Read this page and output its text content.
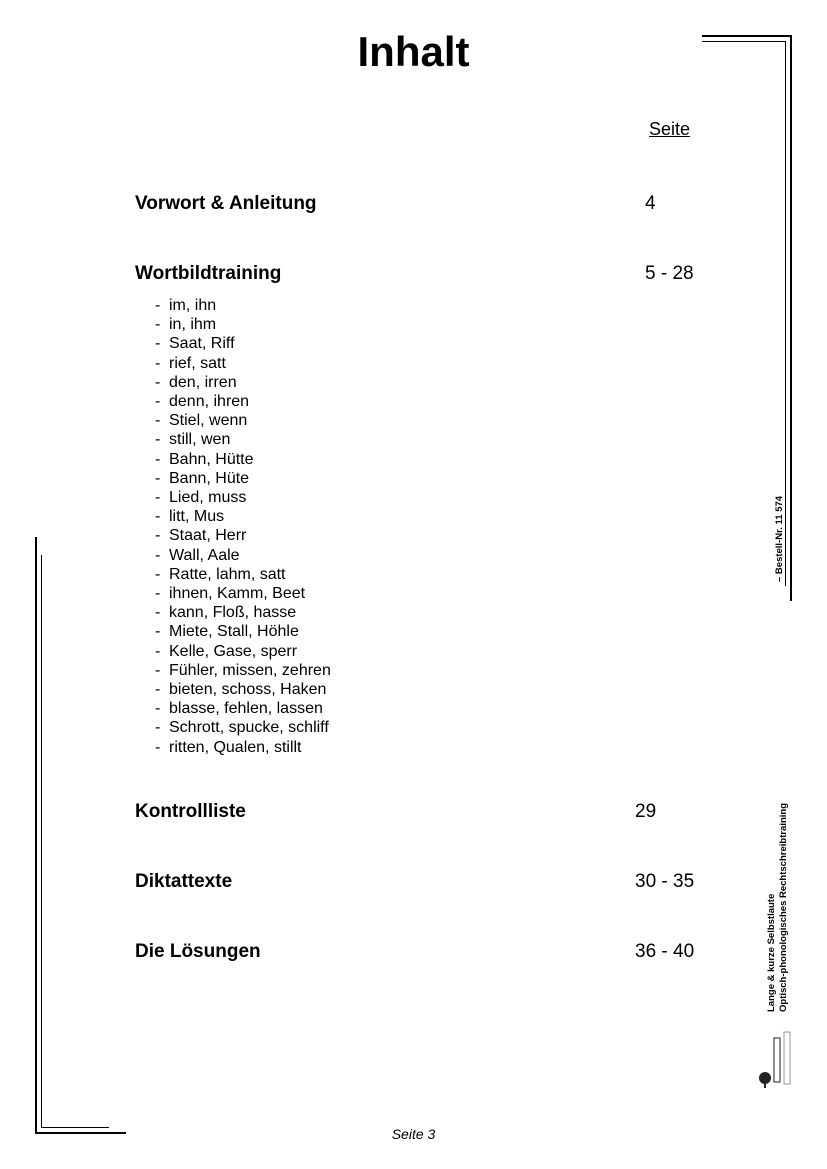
Inhalt
Seite
Vorwort & Anleitung	4
Wortbildtraining	5 - 28
- im, ihn
- in, ihm
- Saat, Riff
- rief, satt
- den, irren
- denn, ihren
- Stiel, wenn
- still, wen
- Bahn, Hütte
- Bann, Hüte
- Lied, muss
- litt, Mus
- Staat, Herr
- Wall, Aale
- Ratte, lahm, satt
- ihnen, Kamm, Beet
- kann, Floß, hasse
- Miete, Stall, Höhle
- Kelle, Gase, sperr
- Fühler, missen, zehren
- bieten, schoss, Haken
- blasse, fehlen, lassen
- Schrott, spucke, schliff
- ritten, Qualen, stillt
Kontrollliste	29
Diktattexte	30 - 35
Die Lösungen	36 - 40	Lange & kurze Selbstlaute Optisch-phonologisches Rechtschreibtraining
– Bestell-Nr. 11 574
Seite 3
